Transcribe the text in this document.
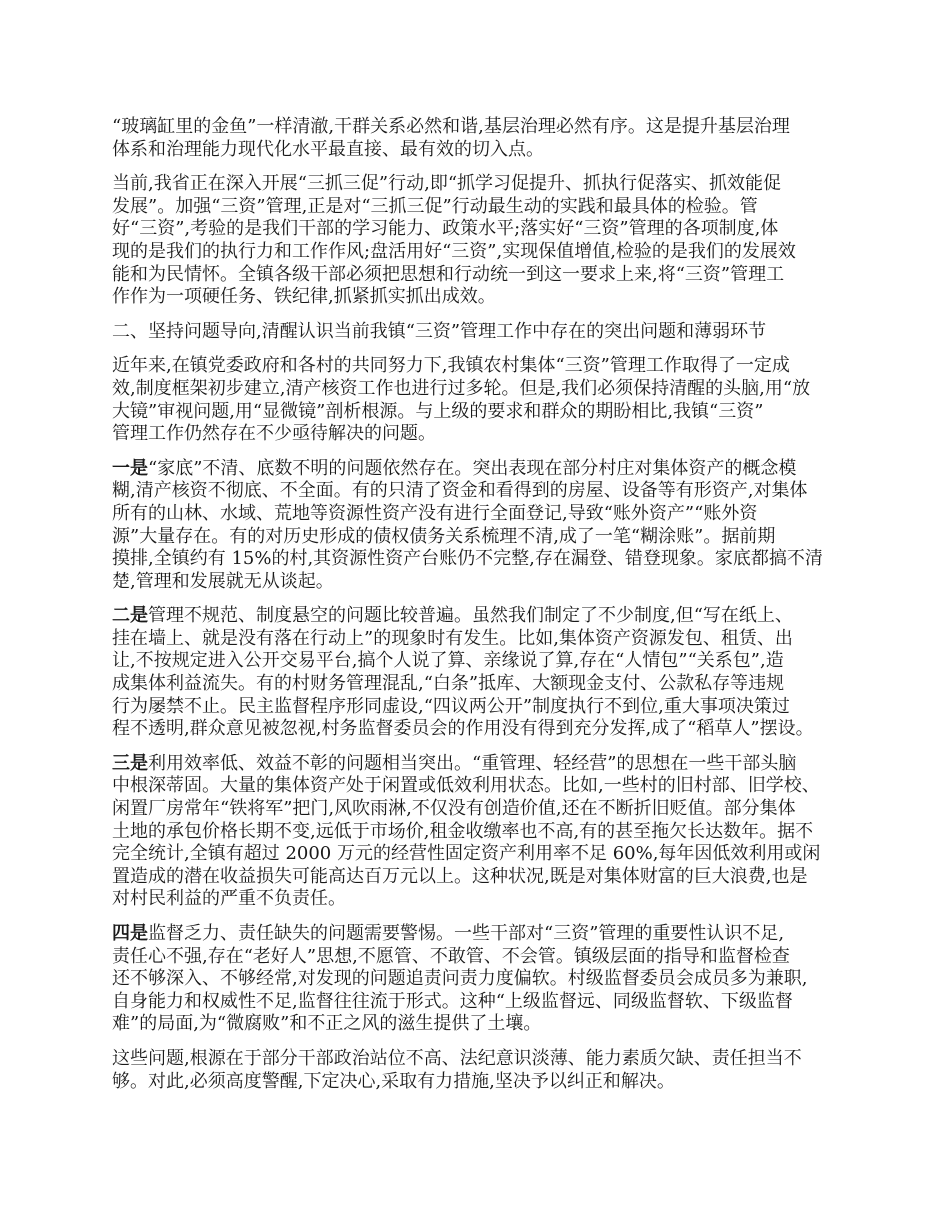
“玻璃缸里的金鱼”一样清澈,干群关系必然和谐,基层治理必然有序。这是提升基层治理
体系和治理能力现代化水平最直接、最有效的切入点。
当前,我省正在深入开展“三抓三促”行动,即“抓学习促提升、抓执行促落实、抓效能促
发展”。加强“三资”管理,正是对“三抓三促”行动最生动的实践和最具体的检验。管
好“三资”,考验的是我们干部的学习能力、政策水平;落实好“三资”管理的各项制度,体
现的是我们的执行力和工作作风;盘活用好“三资”,实现保值增值,检验的是我们的发展效
能和为民情怀。全镇各级干部必须把思想和行动统一到这一要求上来,将“三资”管理工
作作为一项硬任务、铁纪律,抓紧抓实抓出成效。
二、坚持问题导向,清醒认识当前我镇“三资”管理工作中存在的突出问题和薄弱环节
近年来,在镇党委政府和各村的共同努力下,我镇农村集体“三资”管理工作取得了一定成
效,制度框架初步建立,清产核资工作也进行过多轮。但是,我们必须保持清醒的头脑,用“放
大镜”审视问题,用“显微镜”剖析根源。与上级的要求和群众的期盼相比,我镇“三资”
管理工作仍然存在不少亟待解决的问题。
一是“家底”不清、底数不明的问题依然存在。突出表现在部分村庄对集体资产的概念模
糊,清产核资不彻底、不全面。有的只清了资金和看得到的房屋、设备等有形资产,对集体
所有的山林、水域、荒地等资源性资产没有进行全面登记,导致“账外资产”“账外资
源”大量存在。有的对历史形成的债权债务关系梳理不清,成了一笔“糊涂账”。据前期
摸排,全镇约有 15%的村,其资源性资产台账仍不完整,存在漏登、错登现象。家底都搞不清
楚,管理和发展就无从谈起。
二是管理不规范、制度悬空的问题比较普遍。虽然我们制定了不少制度,但“写在纸上、
挂在墙上、就是没有落在行动上”的现象时有发生。比如,集体资产资源发包、租赁、出
让,不按规定进入公开交易平台,搞个人说了算、亲缘说了算,存在“人情包”“关系包”,造
成集体利益流失。有的村财务管理混乱,“白条”抵库、大额现金支付、公款私存等违规
行为屡禁不止。民主监督程序形同虚设,“四议两公开”制度执行不到位,重大事项决策过
程不透明,群众意见被忽视,村务监督委员会的作用没有得到充分发挥,成了“稻草人”摆设。
三是利用效率低、效益不彰的问题相当突出。“重管理、轻经营”的思想在一些干部头脑
中根深蒂固。大量的集体资产处于闲置或低效利用状态。比如,一些村的旧村部、旧学校、
闲置厂房常年“铁将军”把门,风吹雨淋,不仅没有创造价值,还在不断折旧贬值。部分集体
土地的承包价格长期不变,远低于市场价,租金收缴率也不高,有的甚至拖欠长达数年。据不
完全统计,全镇有超过 2000 万元的经营性固定资产利用率不足 60%,每年因低效利用或闲
置造成的潜在收益损失可能高达百万元以上。这种状况,既是对集体财富的巨大浪费,也是
对村民利益的严重不负责任。
四是监督乏力、责任缺失的问题需要警惕。一些干部对“三资”管理的重要性认识不足,
责任心不强,存在“老好人”思想,不愿管、不敢管、不会管。镇级层面的指导和监督检查
还不够深入、不够经常,对发现的问题追责问责力度偏软。村级监督委员会成员多为兼职,
自身能力和权威性不足,监督往往流于形式。这种“上级监督远、同级监督软、下级监督
难”的局面,为“微腐败”和不正之风的滋生提供了土壤。
这些问题,根源在于部分干部政治站位不高、法纪意识淡薄、能力素质欠缺、责任担当不
够。对此,必须高度警醒,下定决心,采取有力措施,坚决予以纠正和解决。
